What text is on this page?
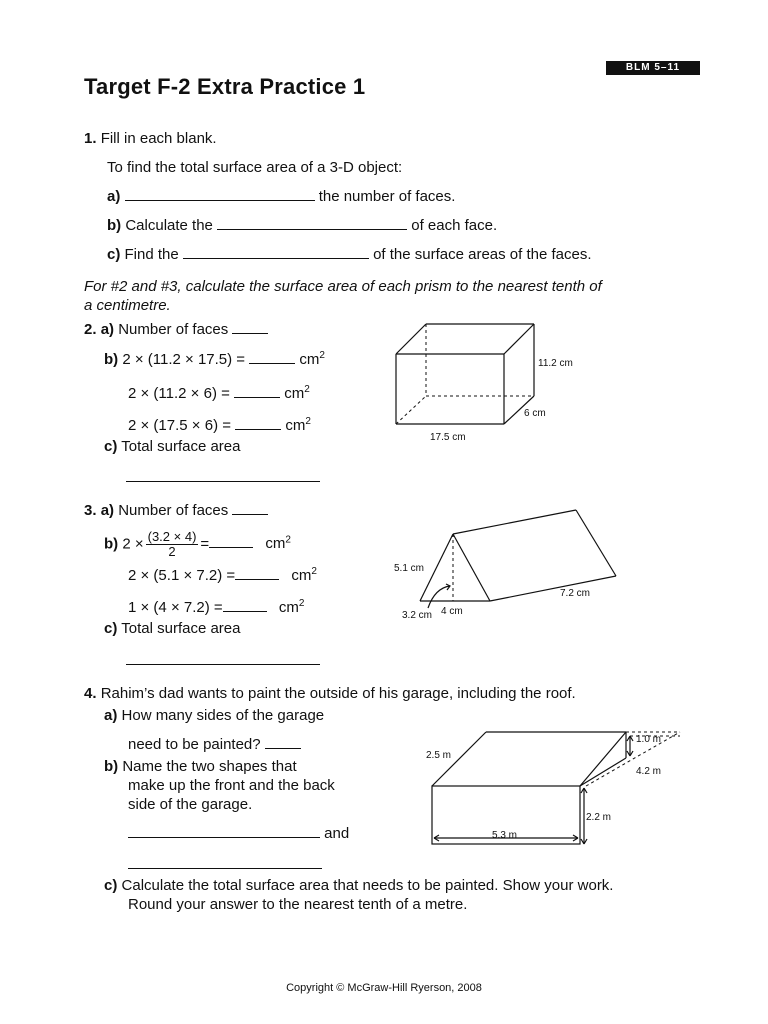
BLM 5–11
Target F-2 Extra Practice 1
1. Fill in each blank.
To find the total surface area of a 3-D object:
a)	the number of faces.
b) Calculate the	of each face.
c) Find the	of the surface areas of the faces.
For #2 and #3, calculate the surface area of each prism to the nearest tenth of
a centimetre.
2. a) Number of faces
b) 2 × (11.2 × 17.5) =	$cm^2$
2 × (11.2 × 6) =	$cm^2$
2 × (17.5 × 6) =	$cm^2$
c) Total surface area
11.2 cm
6 cm
17.5 cm
3. a) Number of faces
b) $2 \times \frac{(3.2 \times 4)}{2}$ =	$cm^2$
2 × (5.1 × 7.2) =	$cm^2$
1 × (4 × 7.2) =	$cm^2$
c) Total surface area
5.1 cm
7.2 cm
3.2 cm 4 cm
4. Rahim’s dad wants to paint the outside of his garage, including the roof.
a) How many sides of the garage
need to be painted?
b) Name the two shapes that
make up the front and the back
side of the garage.
and
c) Calculate the total surface area that needs to be painted. Show your work.
Round your answer to the nearest tenth of a metre.
2.5 m
1.0 m
4.2 m
2.2 m
5.3 m
Copyright © McGraw-Hill Ryerson, 2008
